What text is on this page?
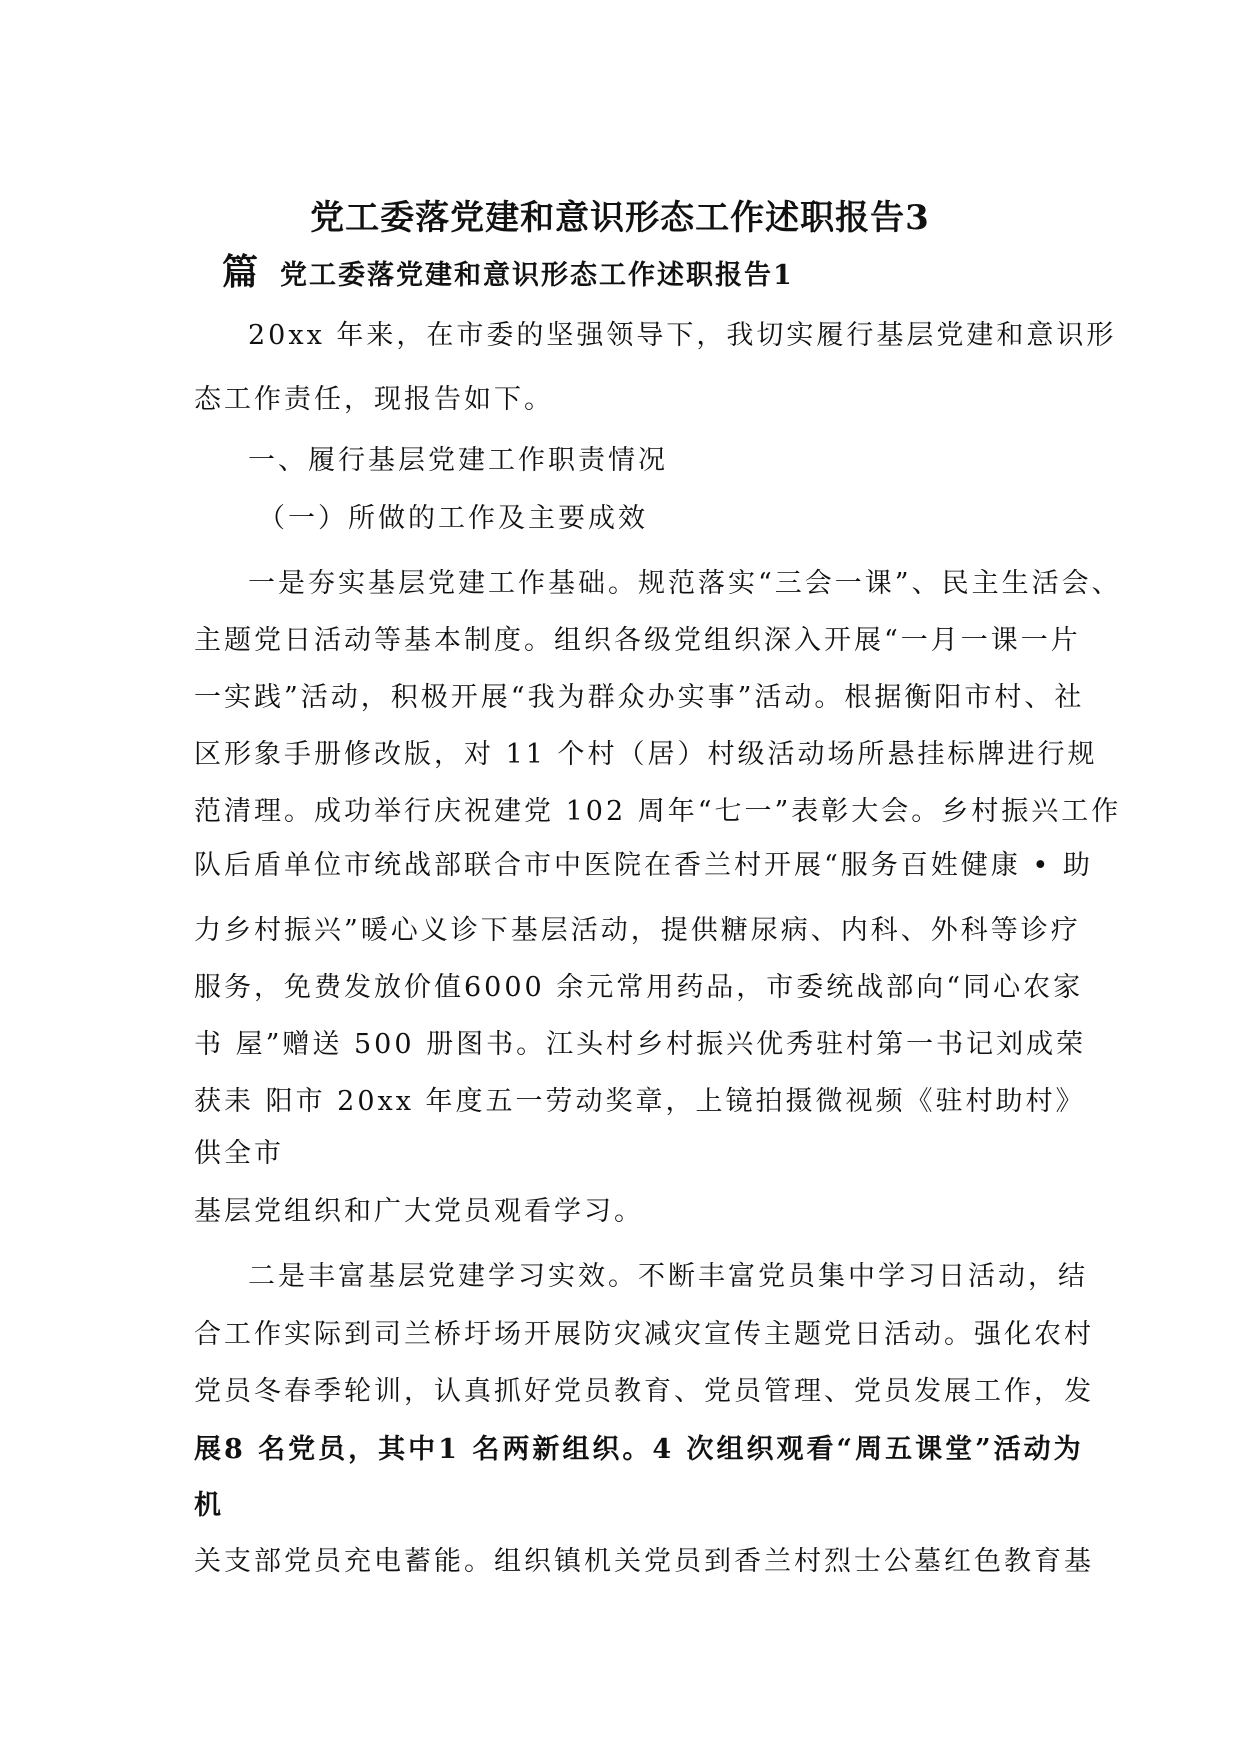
党工委落党建和意识形态工作述职报告3
篇 党工委落党建和意识形态工作述职报告1
20xx 年来，在市委的坚强领导下，我切实履行基层党建和意识形
态工作责任，现报告如下。
一、履行基层党建工作职责情况
（一）所做的工作及主要成效
一是夯实基层党建工作基础。规范落实“三会一课”、民主生活会、
主题党日活动等基本制度。组织各级党组织深入开展“一月一课一片
一实践”活动，积极开展“我为群众办实事”活动。根据衡阳市村、社
区形象手册修改版，对 11 个村（居）村级活动场所悬挂标牌进行规
范清理。成功举行庆祝建党 102 周年“七一”表彰大会。乡村振兴工作
队后盾单位市统战部联合市中医院在香兰村开展“服务百姓健康 • 助
力乡村振兴”暖心义诊下基层活动，提供糖尿病、内科、外科等诊疗
服务，免费发放价值6000 余元常用药品，市委统战部向“同心农家
书 屋”赠送 500 册图书。江头村乡村振兴优秀驻村第一书记刘成荣
获耒 阳市 20xx 年度五一劳动奖章，上镜拍摄微视频《驻村助村》
供全市
基层党组织和广大党员观看学习。
二是丰富基层党建学习实效。不断丰富党员集中学习日活动，结
合工作实际到司兰桥圩场开展防灾减灾宣传主题党日活动。强化农村
党员冬春季轮训，认真抓好党员教育、党员管理、党员发展工作，发
展8 名党员，其中1 名两新组织。4 次组织观看“周五课堂”活动为
机
关支部党员充电蓄能。组织镇机关党员到香兰村烈士公墓红色教育基
